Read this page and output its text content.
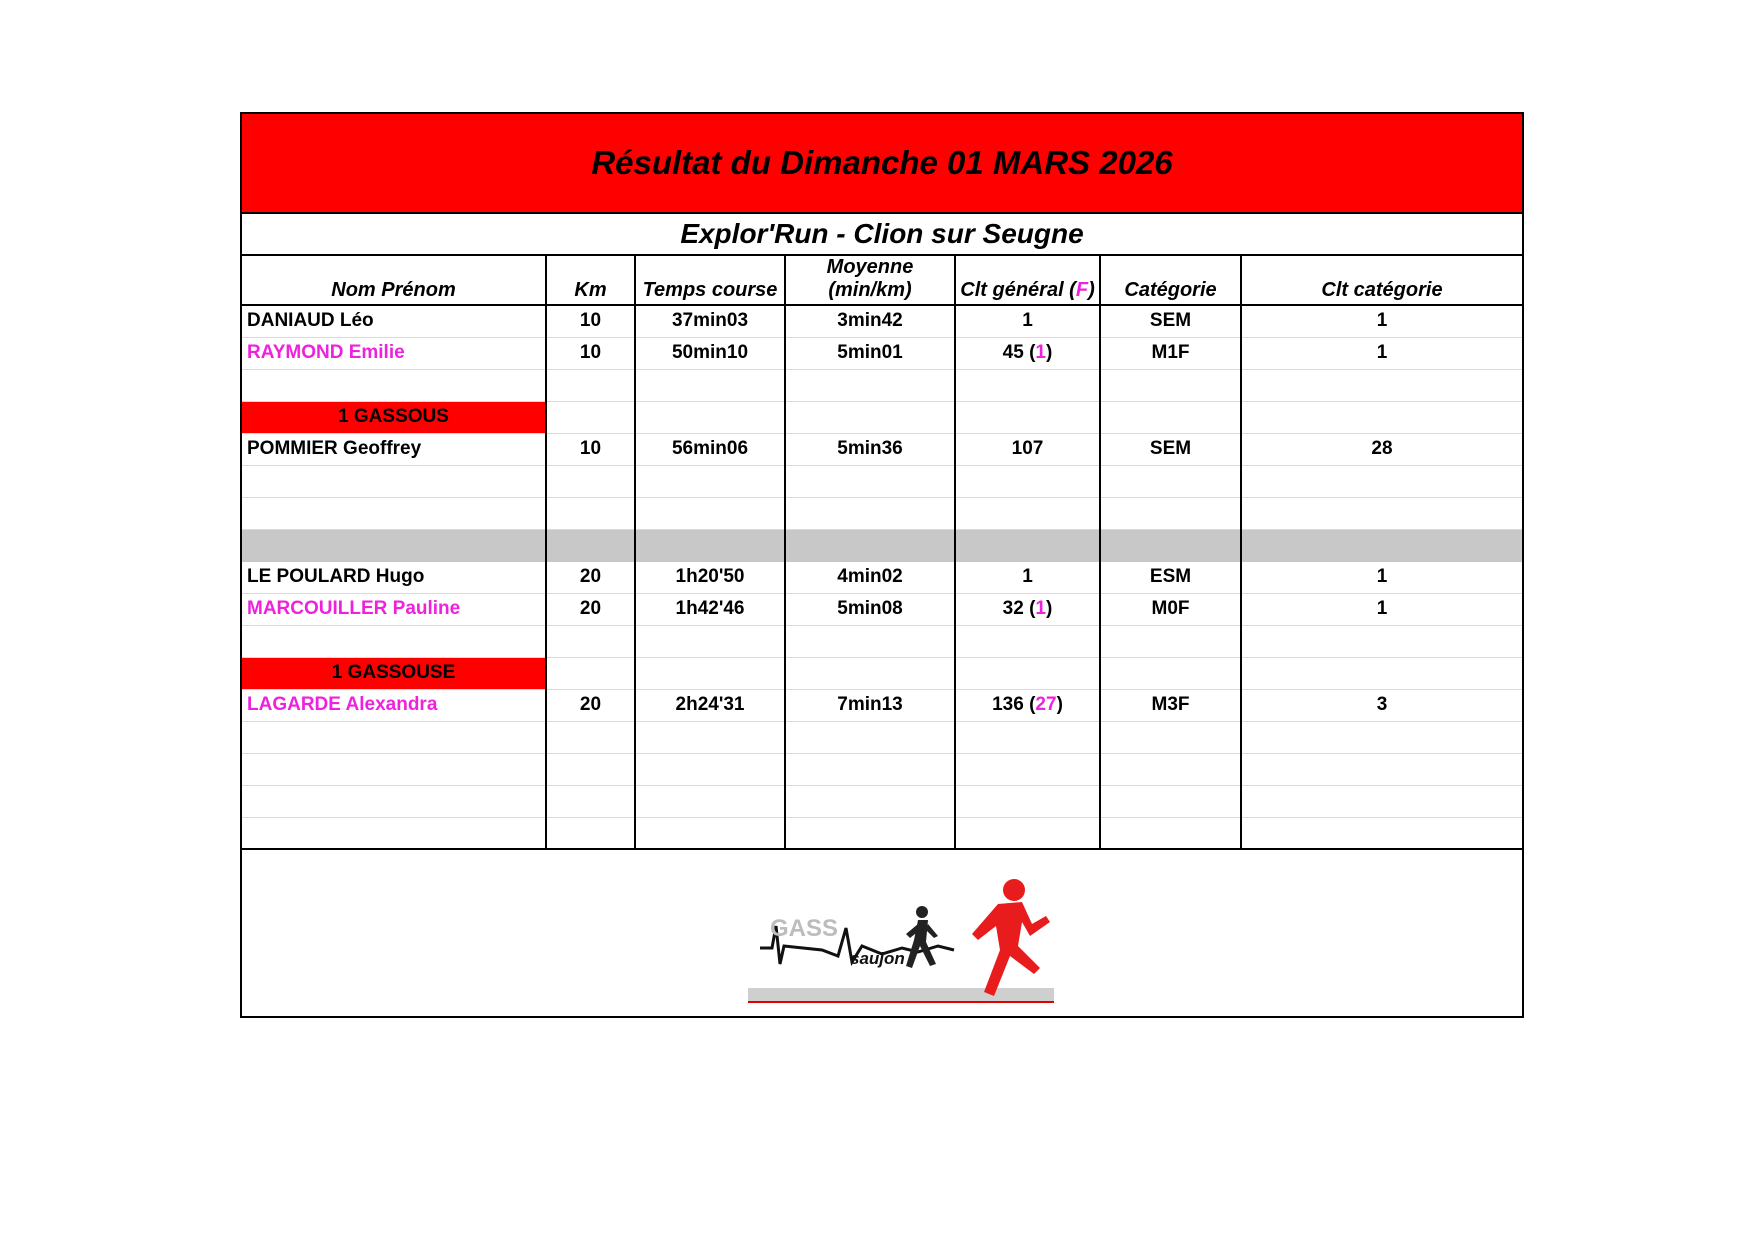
Résultat du Dimanche 01 MARS 2026
Explor'Run - Clion sur Seugne
Nom Prénom	Km	Temps course	Moyenne (min/km)	Clt général (F)	Catégorie	Clt catégorie
DANIAUD Léo	10	37min03	3min42	1	SEM	1
RAYMOND Emilie	10	50min10	5min01	45 (1)	M1F	1

1 GASSOUS						
POMMIER Geoffrey	10	56min06	5min36	107	SEM	28

LE POULARD Hugo	20	1h20'50	4min02	1	ESM	1
MARCOUILLER Pauline	20	1h42'46	5min08	32 (1)	M0F	1

1 GASSOUSE						
LAGARDE Alexandra	20	2h24'31	7min13	136 (27)	M3F	3

GASS
saujon
